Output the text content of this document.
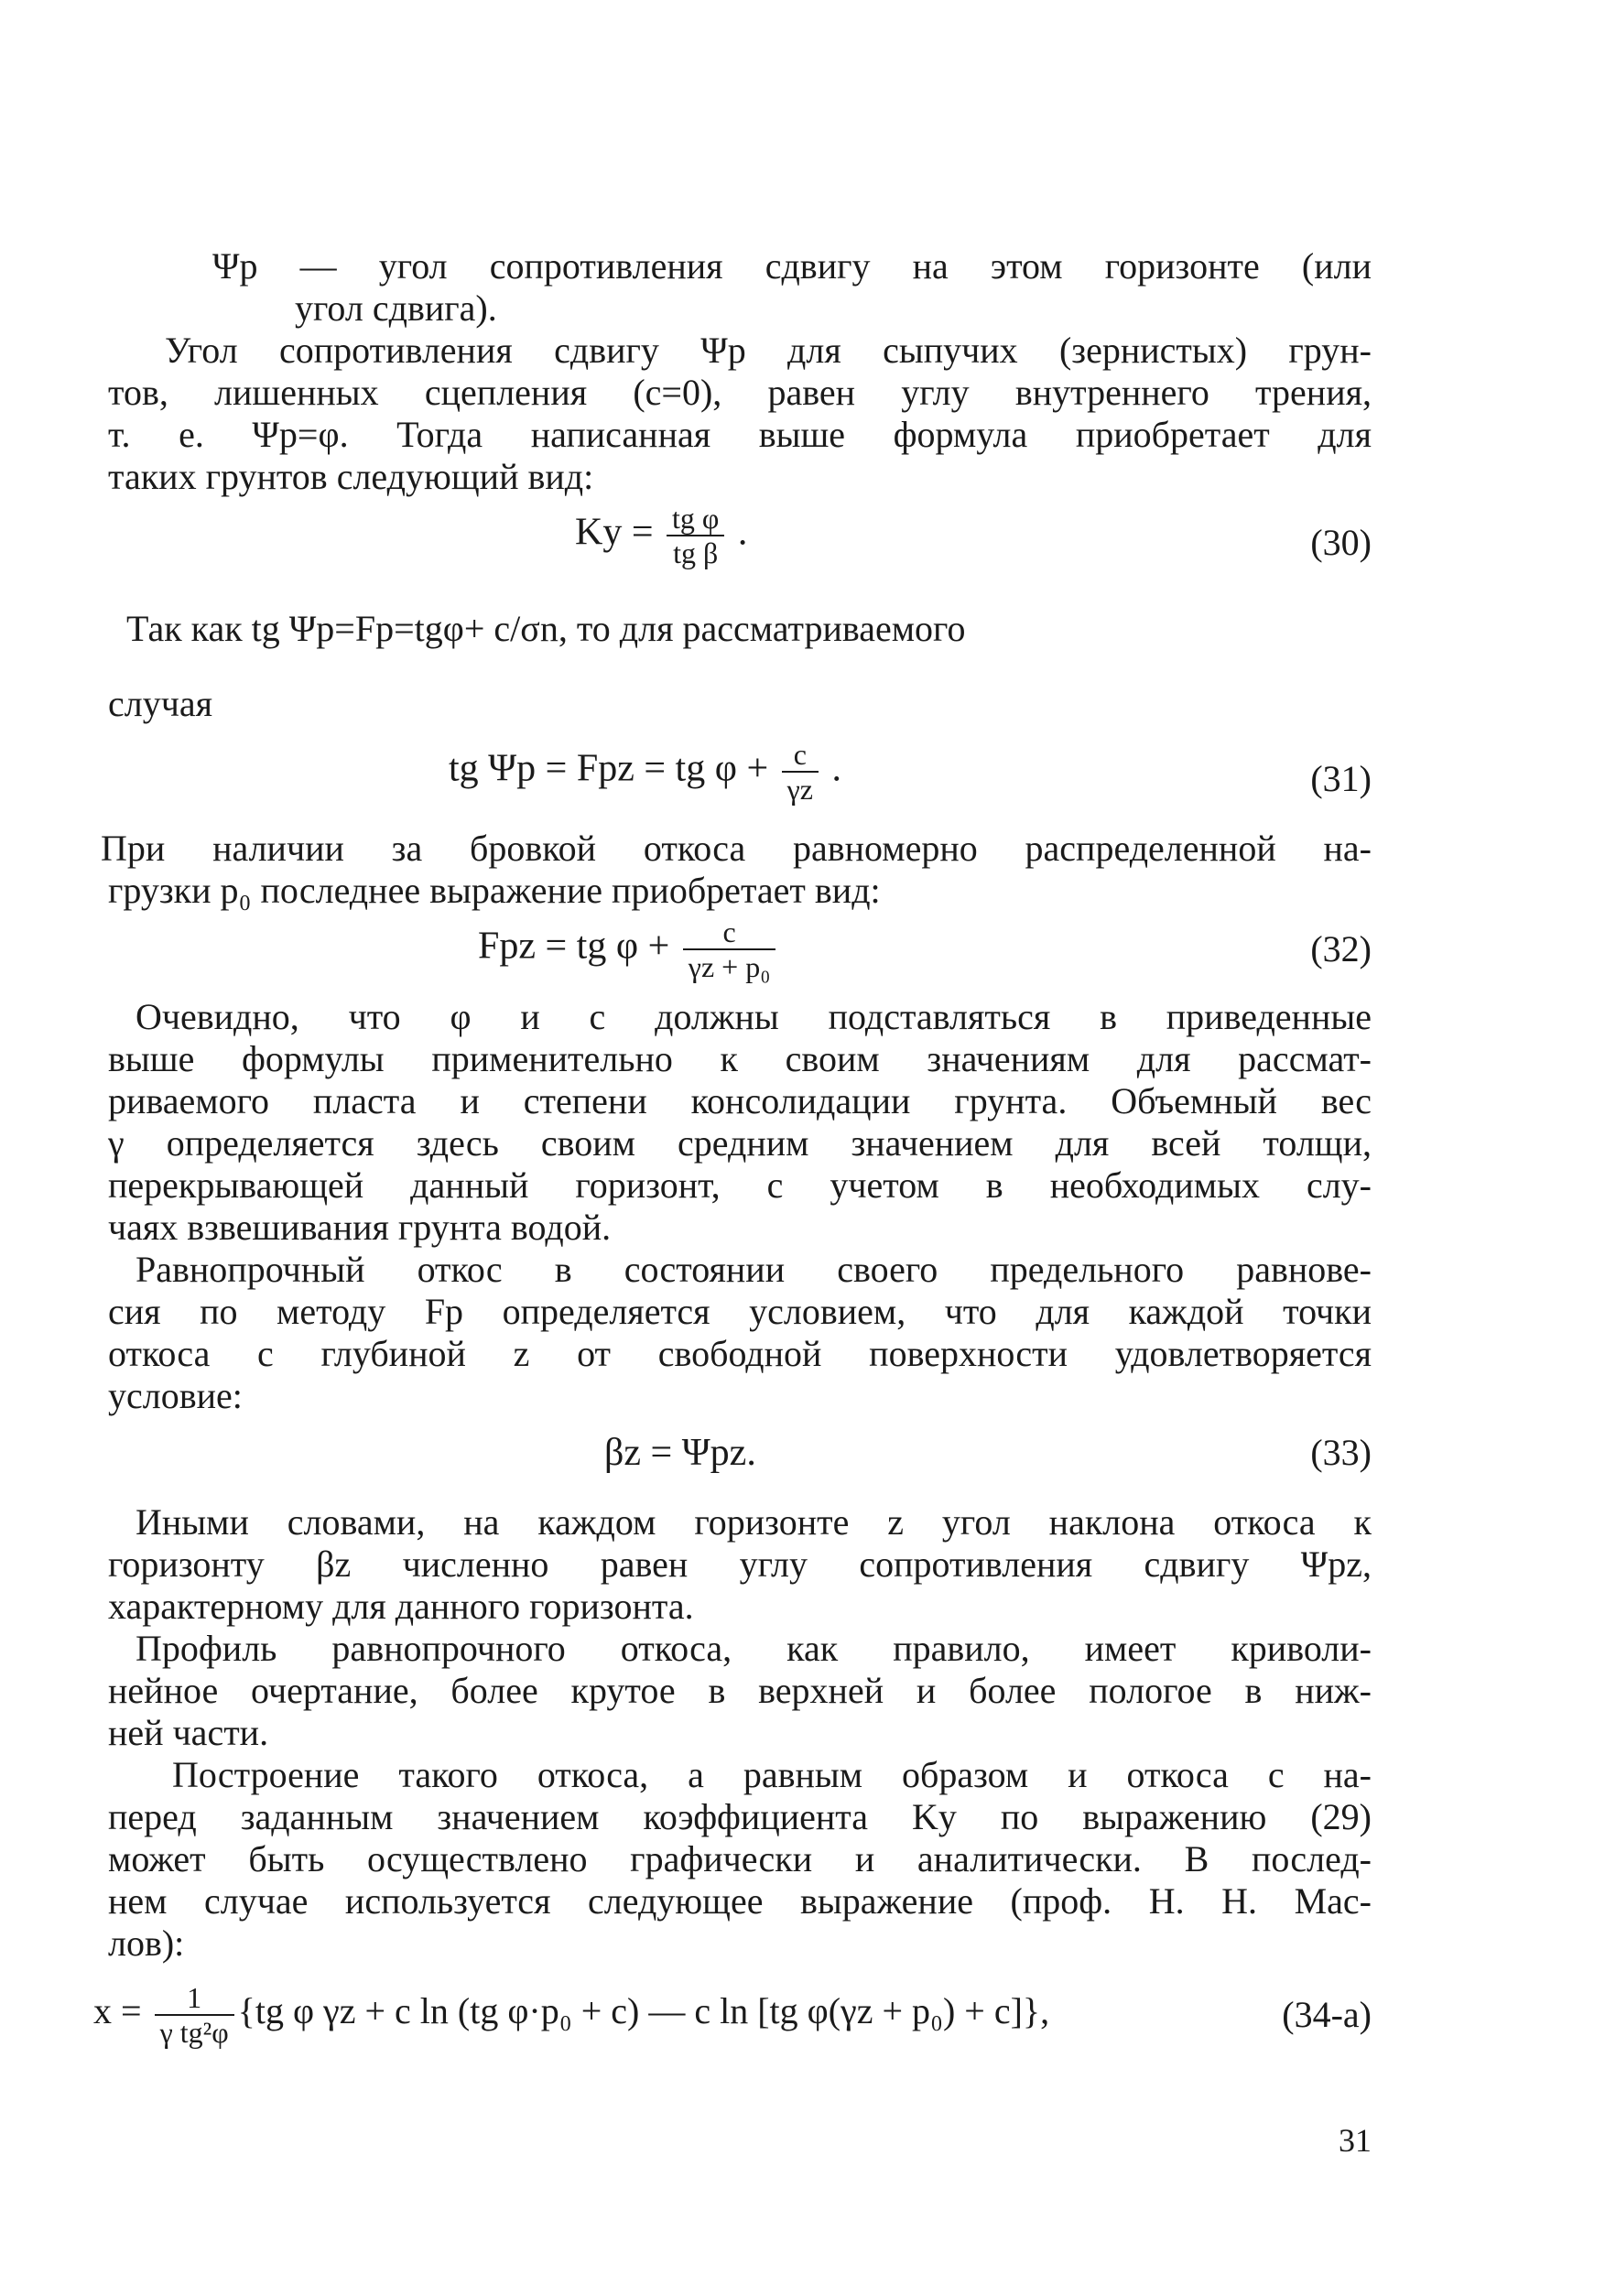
Ψp — угол сопротивления сдвигу на этом горизонте (или
угол сдвига).
Угол сопротивления сдвигу Ψp для сыпучих (зернистых) грун-
тов, лишенных сцепления (c=0), равен углу внутреннего трения,
т. е. Ψp=φ. Тогда написанная выше формула приобретает для
таких грунтов следующий вид:
Kу = $\frac{\text{tg φ}}{\text{tg β}}$ .	(30)
Так как tg Ψp=Fp=tgφ+ c/σn, то для рассматриваемого
случая
tg Ψp = Fpz = tg $\varphi + \frac{c}{\gamma z}$ .	(31)
При наличии за бровкой откоса равномерно распределенной на-
грузки p₀ последнее выражение приобретает вид:
Fpz = tg $\varphi + \frac{c}{\text{γz + p₀}}$	(32)
Очевидно, что φ и c должны подставляться в приведенные
выше формулы применительно к своим значениям для рассмат-
риваемого пласта и степени консолидации грунта. Объемный вес
γ определяется здесь своим средним значением для всей толщи,
перекрывающей данный горизонт, с учетом в необходимых слу-
чаях взвешивания грунта водой.
Равнопрочный откос в состоянии своего предельного равнове-
сия по методу Fp определяется условием, что для каждой точки
откоса с глубиной z от свободной поверхности удовлетворяется
условие:
βz = Ψpz.	(33)
Иными словами, на каждом горизонте z угол наклона откоса к
горизонту βz численно равен углу сопротивления сдвигу Ψpz,
характерному для данного горизонта.
Профиль равнопрочного откоса, как правило, имеет криволи-
нейное очертание, более крутое в верхней и более пологое в ниж-
ней части.
Построение такого откоса, а равным образом и откоса с на-
перед заданным значением коэффициента Kу по выражению (29)
может быть осуществлено графически и аналитически. В послед-
нем случае используется следующее выражение (проф. Н. Н. Мас-
лов):
$x = \frac{1}{\text{γ tg²φ}} \{tg$ φ γz + c ln (tg φ·p₀ + c) — c ln [tg φ(γz + p₀) + c]},	(34-а)
31
